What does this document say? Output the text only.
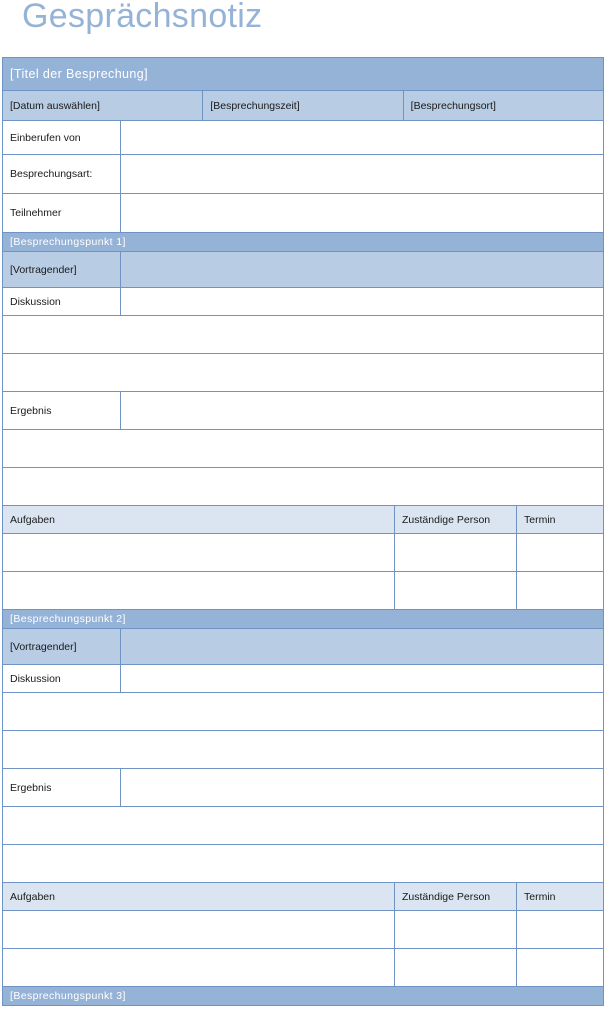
Gesprächsnotiz
[Titel der Besprechung]
[Datum auswählen]	[Besprechungszeit]	[Besprechungsort]
Einberufen von
Besprechungsart:
Teilnehmer
[Besprechungspunkt 1]
[Vortragender]
Diskussion
Ergebnis
Aufgaben	Zuständige Person	Termin
[Besprechungspunkt 2]
[Vortragender]
Diskussion
Ergebnis
Aufgaben	Zuständige Person	Termin
[Besprechungspunkt 3]
